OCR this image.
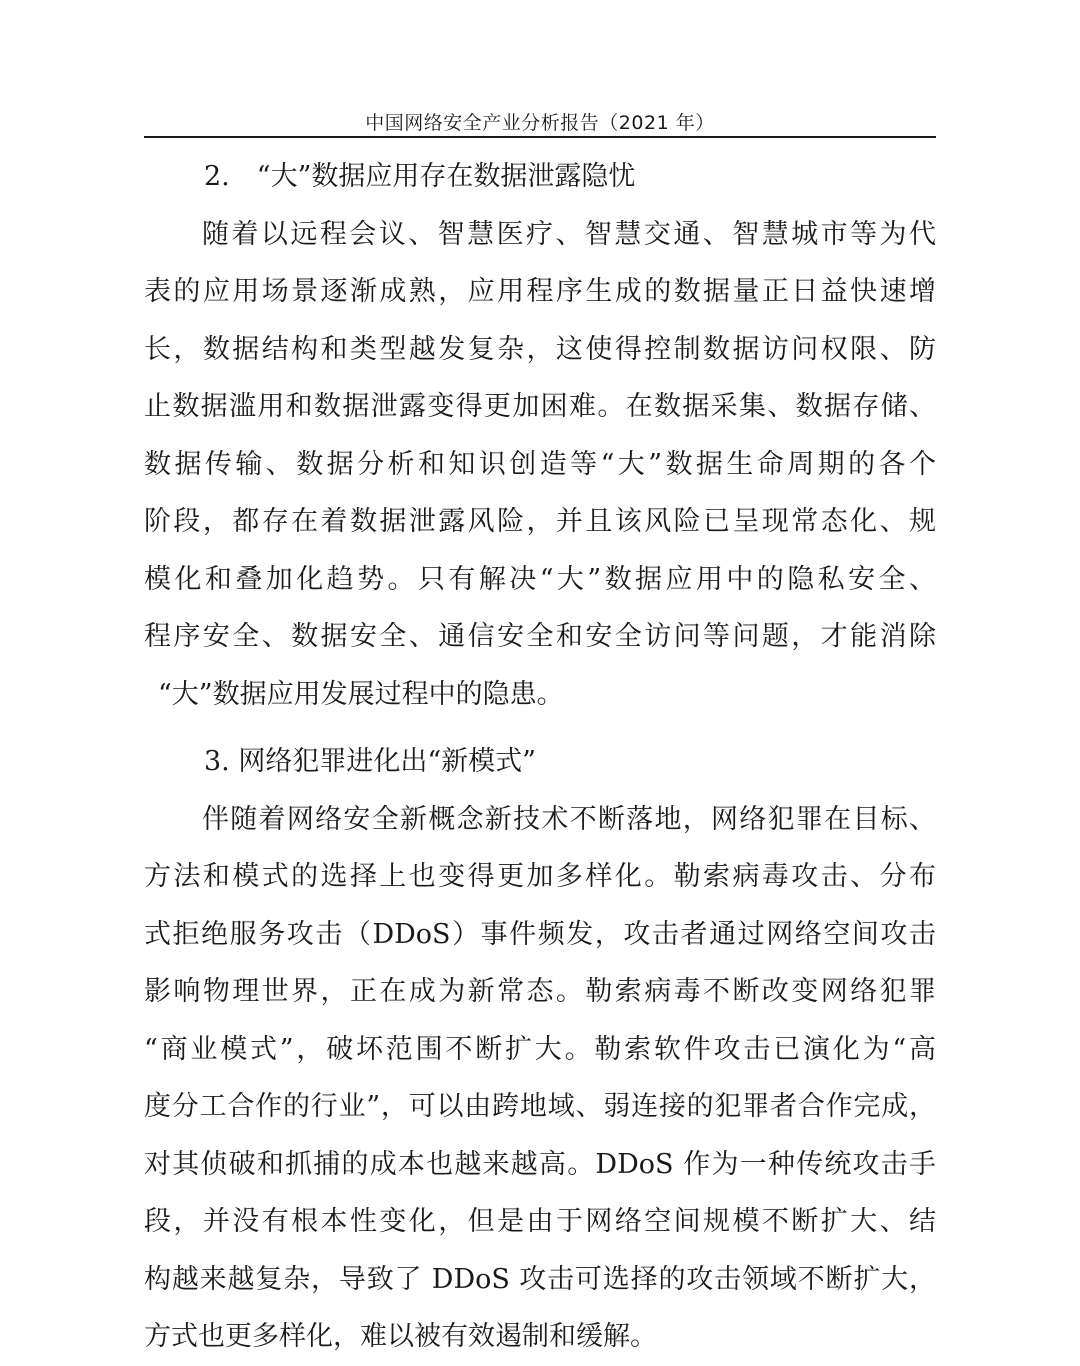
中国网络安全产业分析报告（2021 年）
2.　“大”数据应用存在数据泄露隐忧
随着以远程会议、智慧医疗、智慧交通、智慧城市等为代
表的应用场景逐渐成熟，应用程序生成的数据量正日益快速增
长，数据结构和类型越发复杂，这使得控制数据访问权限、防
止数据滥用和数据泄露变得更加困难。在数据采集、数据存储、
数据传输、数据分析和知识创造等“大”数据生命周期的各个
阶段，都存在着数据泄露风险，并且该风险已呈现常态化、规
模化和叠加化趋势。只有解决“大”数据应用中的隐私安全、
程序安全、数据安全、通信安全和安全访问等问题，才能消除
“大”数据应用发展过程中的隐患。
3. 网络犯罪进化出“新模式”
伴随着网络安全新概念新技术不断落地，网络犯罪在目标、
方法和模式的选择上也变得更加多样化。勒索病毒攻击、分布
式拒绝服务攻击（DDoS）事件频发，攻击者通过网络空间攻击
影响物理世界，正在成为新常态。勒索病毒不断改变网络犯罪
“商业模式”，破坏范围不断扩大。勒索软件攻击已演化为“高
度分工合作的行业”，可以由跨地域、弱连接的犯罪者合作完成，
对其侦破和抓捕的成本也越来越高。DDoS 作为一种传统攻击手
段，并没有根本性变化，但是由于网络空间规模不断扩大、结
构越来越复杂，导致了 DDoS 攻击可选择的攻击领域不断扩大，
方式也更多样化，难以被有效遏制和缓解。
